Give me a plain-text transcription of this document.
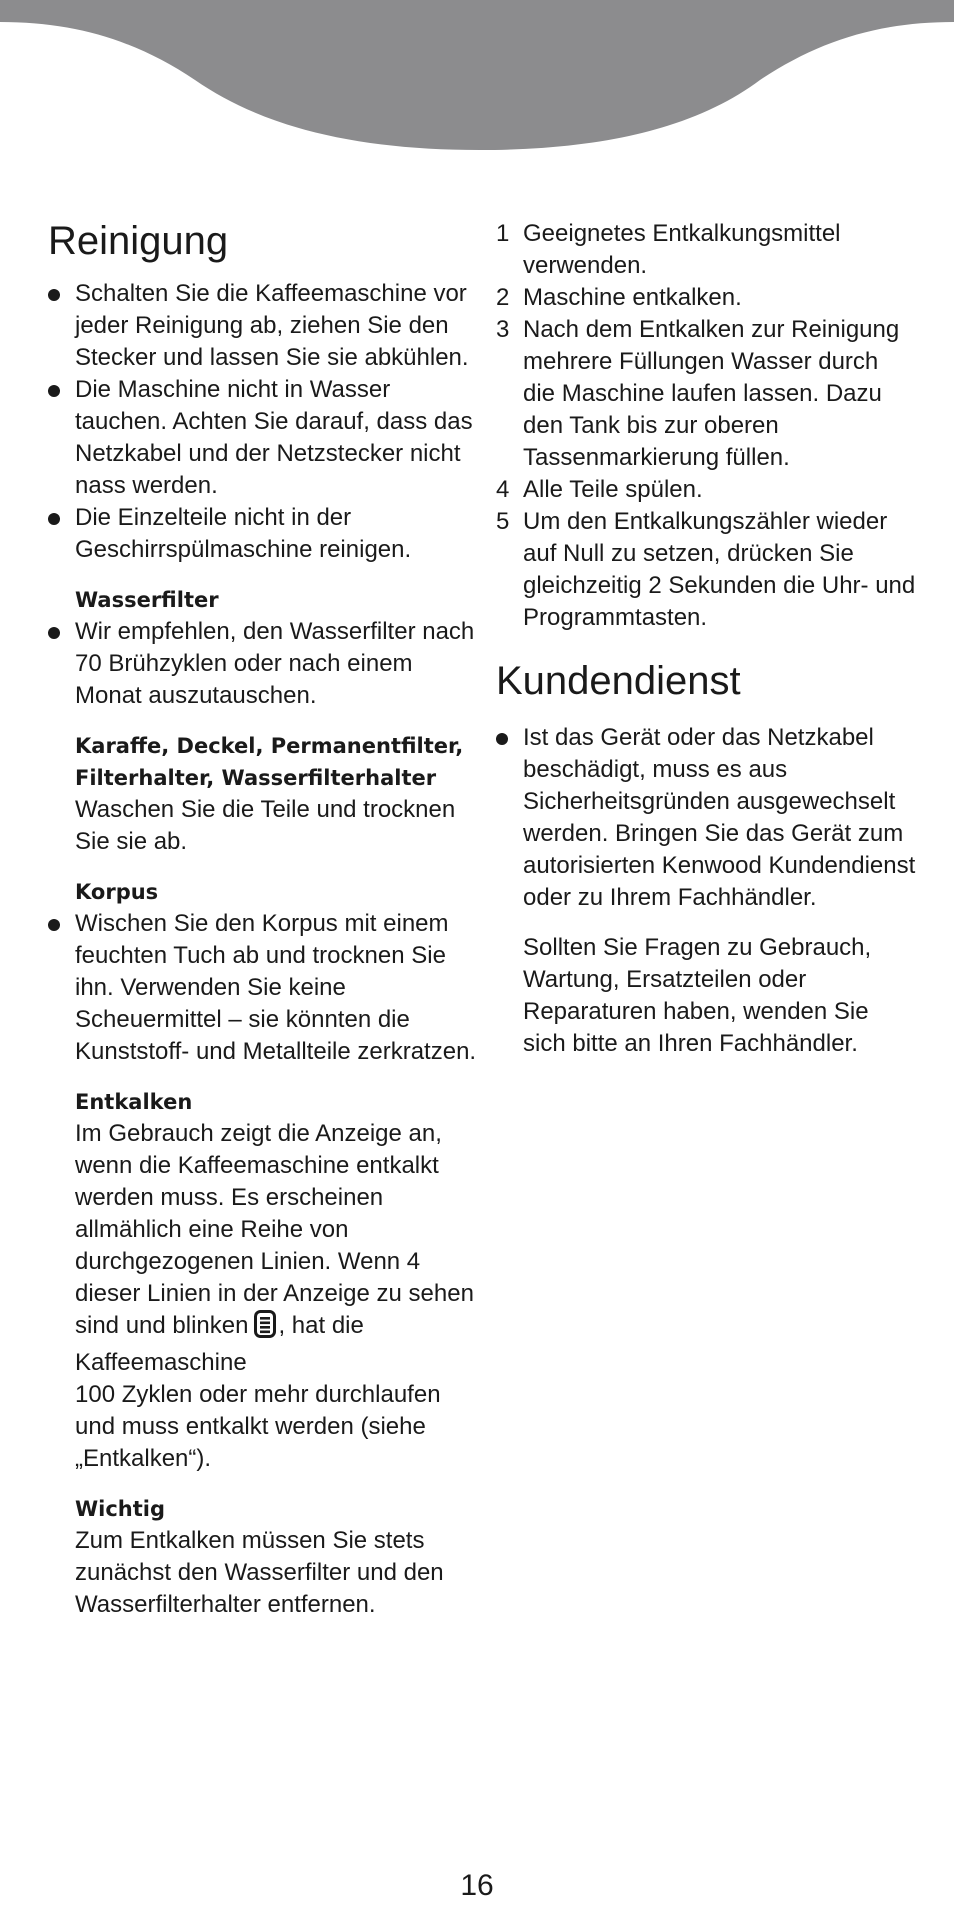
Reinigung
Schalten Sie die Kaffeemaschine vor jeder Reinigung ab, ziehen Sie den Stecker und lassen Sie sie abkühlen.
Die Maschine nicht in Wasser tauchen. Achten Sie darauf, dass das Netzkabel und der Netzstecker nicht nass werden.
Die Einzelteile nicht in der Geschirrspülmaschine reinigen.
Wasserfilter
Wir empfehlen, den Wasserfilter nach 70 Brühzyklen oder nach einem Monat auszutauschen.
Karaffe, Deckel, Permanentfilter, Filterhalter, Wasserfilterhalter
Waschen Sie die Teile und trocknen Sie sie ab.
Korpus
Wischen Sie den Korpus mit einem feuchten Tuch ab und trocknen Sie ihn. Verwenden Sie keine Scheuermittel – sie könnten die Kunststoff- und Metallteile zerkratzen.
Entkalken
Im Gebrauch zeigt die Anzeige an, wenn die Kaffeemaschine entkalkt werden muss. Es erscheinen allmählich eine Reihe von durchgezogenen Linien. Wenn 4 dieser Linien in der Anzeige zu sehen sind und blinken , hat die Kaffeemaschine
100 Zyklen oder mehr durchlaufen und muss entkalkt werden (siehe „Entkalken“).
Wichtig
Zum Entkalken müssen Sie stets zunächst den Wasserfilter und den Wasserfilterhalter entfernen.
1 Geeignetes Entkalkungsmittel verwenden.
2 Maschine entkalken.
3 Nach dem Entkalken zur Reinigung mehrere Füllungen Wasser durch die Maschine laufen lassen. Dazu den Tank bis zur oberen Tassenmarkierung füllen.
4 Alle Teile spülen.
5 Um den Entkalkungszähler wieder auf Null zu setzen, drücken Sie gleichzeitig 2 Sekunden die Uhr- und Programmtasten.
Kundendienst
Ist das Gerät oder das Netzkabel beschädigt, muss es aus Sicherheitsgründen ausgewechselt werden. Bringen Sie das Gerät zum autorisierten Kenwood Kundendienst oder zu Ihrem Fachhändler.
Sollten Sie Fragen zu Gebrauch, Wartung, Ersatzteilen oder Reparaturen haben, wenden Sie sich bitte an Ihren Fachhändler.
16
